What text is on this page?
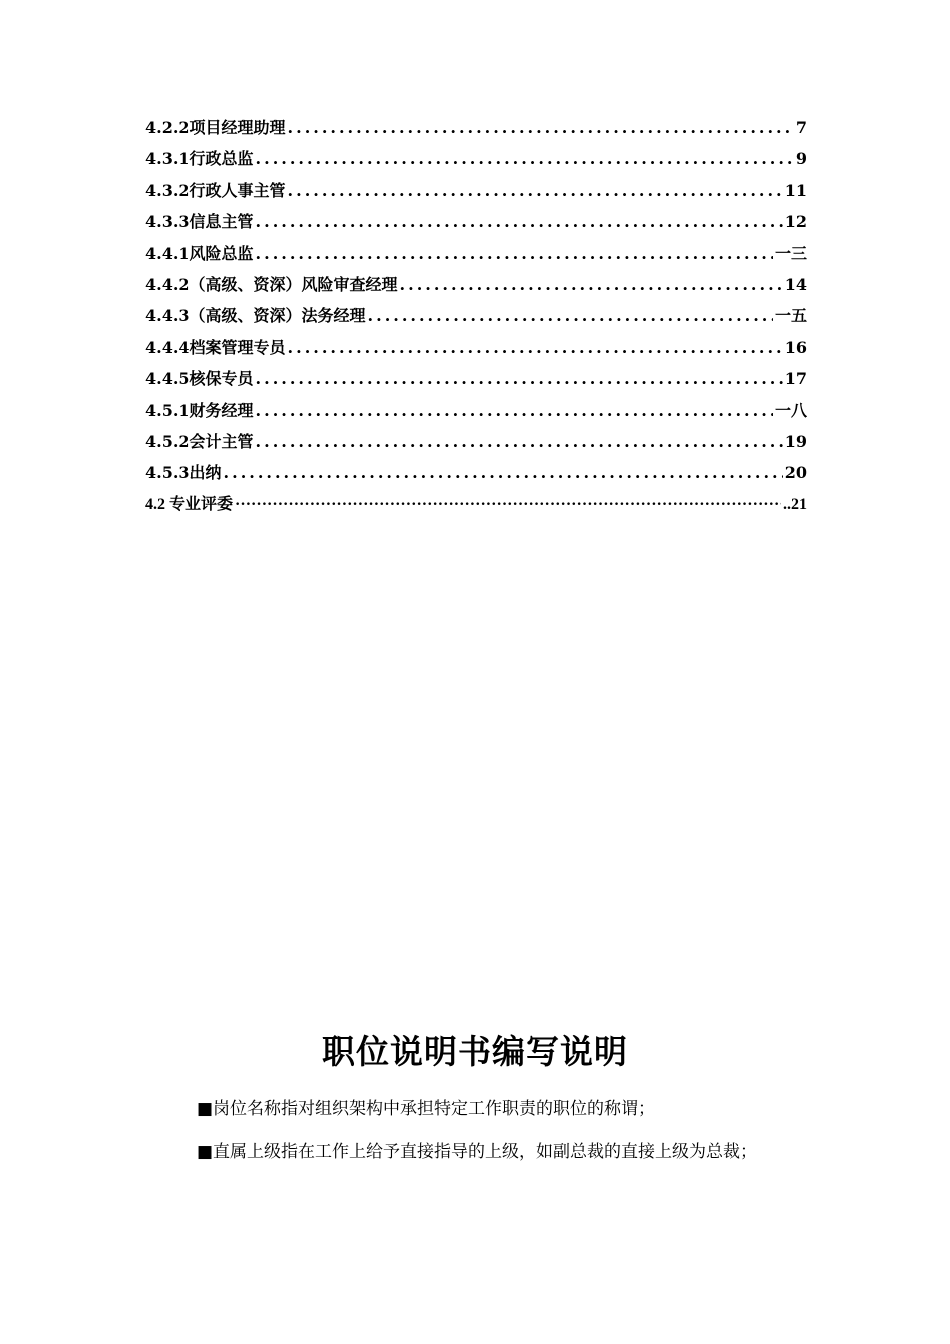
4.2.2项目经理助理 .....	7
4.3.1行政总监 .....	9
4.3.2行政人事主管 .....	11
4.3.3信息主管 .....	12
4.4.1风险总监 .....	一三
4.4.2（高级、资深）风险审查经理 .....	14
4.4.3（高级、资深）法务经理 .....	一五
4.4.4档案管理专员 .....	16
4.4.5核保专员 .....	17
4.5.1财务经理 .....	一八
4.5.2会计主管 .....	19
4.5.3出纳 .....	20
4.2 专业评委 ·····	..21
职位说明书编写说明
■岗位名称指对组织架构中承担特定工作职责的职位的称谓；
■直属上级指在工作上给予直接指导的上级，如副总裁的直接上级为总裁；
